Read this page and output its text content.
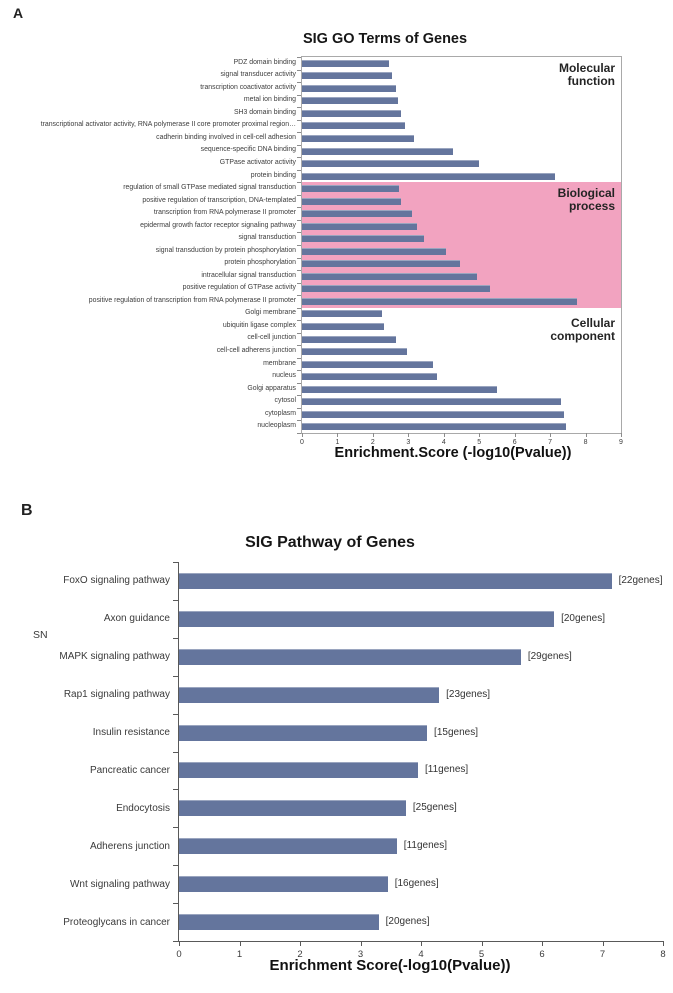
A
SIG GO Terms of Genes
PDZ domain binding
signal transducer activity
transcription coactivator activity
metal ion binding
SH3 domain binding
transcriptional activator activity, RNA polymerase II core promoter proximal region…
cadherin binding involved in cell-cell adhesion
sequence-specific DNA binding
GTPase activator activity
protein binding
regulation of small GTPase mediated signal transduction
positive regulation of transcription, DNA-templated
transcription from RNA polymerase II promoter
epidermal growth factor receptor signaling pathway
signal transduction
signal transduction by protein phosphorylation
protein phosphorylation
intracellular signal transduction
positive regulation of GTPase activity
positive regulation of transcription from RNA polymerase II promoter
Golgi membrane
ubiquitin ligase complex
cell-cell junction
cell-cell adherens junction
membrane
nucleus
Golgi apparatus
cytosol
cytoplasm
nucleoplasm
Molecular function
Biological process
Cellular component
0	1	2	3	4	5	6	7	8	9
Enrichment.Score (-log10(Pvalue))
B
SIG Pathway of Genes
SN
FoxO signaling pathway
Axon guidance
MAPK signaling pathway
Rap1 signaling pathway
Insulin resistance
Pancreatic cancer
Endocytosis
Adherens junction
Wnt signaling pathway
Proteoglycans in cancer
[22genes]
[20genes]
[29genes]
[23genes]
[15genes]
[11genes]
[25genes]
[11genes]
[16genes]
[20genes]
0	1	2	3	4	5	6	7	8
Enrichment Score(-log10(Pvalue))
